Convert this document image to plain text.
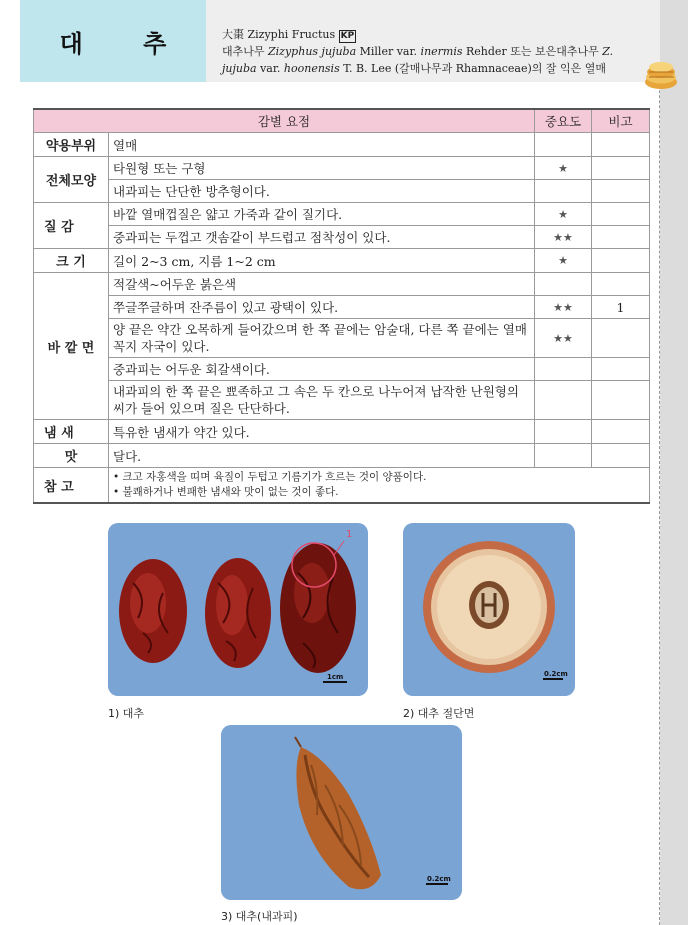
대 추	大棗 Zizyphi Fructus KP
대추나무 Zizyphus jujuba Miller var. inermis Rehder 또는 보은대추나무 Z. jujuba var. hoonensis T. B. Lee (갈매나무과 Rhamnaceae)의 잘 익은 열매
감별 요점		중요도	비고
약용부위	열매		
전체모양	타원형 또는 구형	★	
	내과피는 단단한 방추형이다.		

질 감	바깥 열매껍질은 얇고 가죽과 같이 질기다.	★	
	중과피는 두껍고 갯솜같이 부드럽고 점착성이 있다.	★★	
크 기	길이 2~3 cm, 지름 1~2 cm	★	
바 깥 면	적갈색~어두운 붉은색		
	쭈글쭈글하며 잔주름이 있고 광택이 있다.	★★	1
	양 끝은 약간 오목하게 들어갔으며 한 쪽 끝에는 암술대, 다른 쪽 끝에는 열매꼭지 자국이 있다.	★★	
	중과피는 어두운 회갈색이다.		
	내과피의 한 쪽 끝은 뾰족하고 그 속은 두 칸으로 나누어져 납작한 난원형의 씨가 들어 있으며 질은 단단하다.		

냄 새	특유한 냄새가 약간 있다.		
맛	달다.		

참 고	• 크고 자홍색을 띠며 육질이 두텁고 기름기가 흐르는 것이 양품이다.
• 불쾌하거나 변패한 냄새와 맛이 없는 것이 좋다.		
1cm
1
1) 대추
0.2cm
2) 대추 절단면
0.2cm
3) 대추(내과피)
